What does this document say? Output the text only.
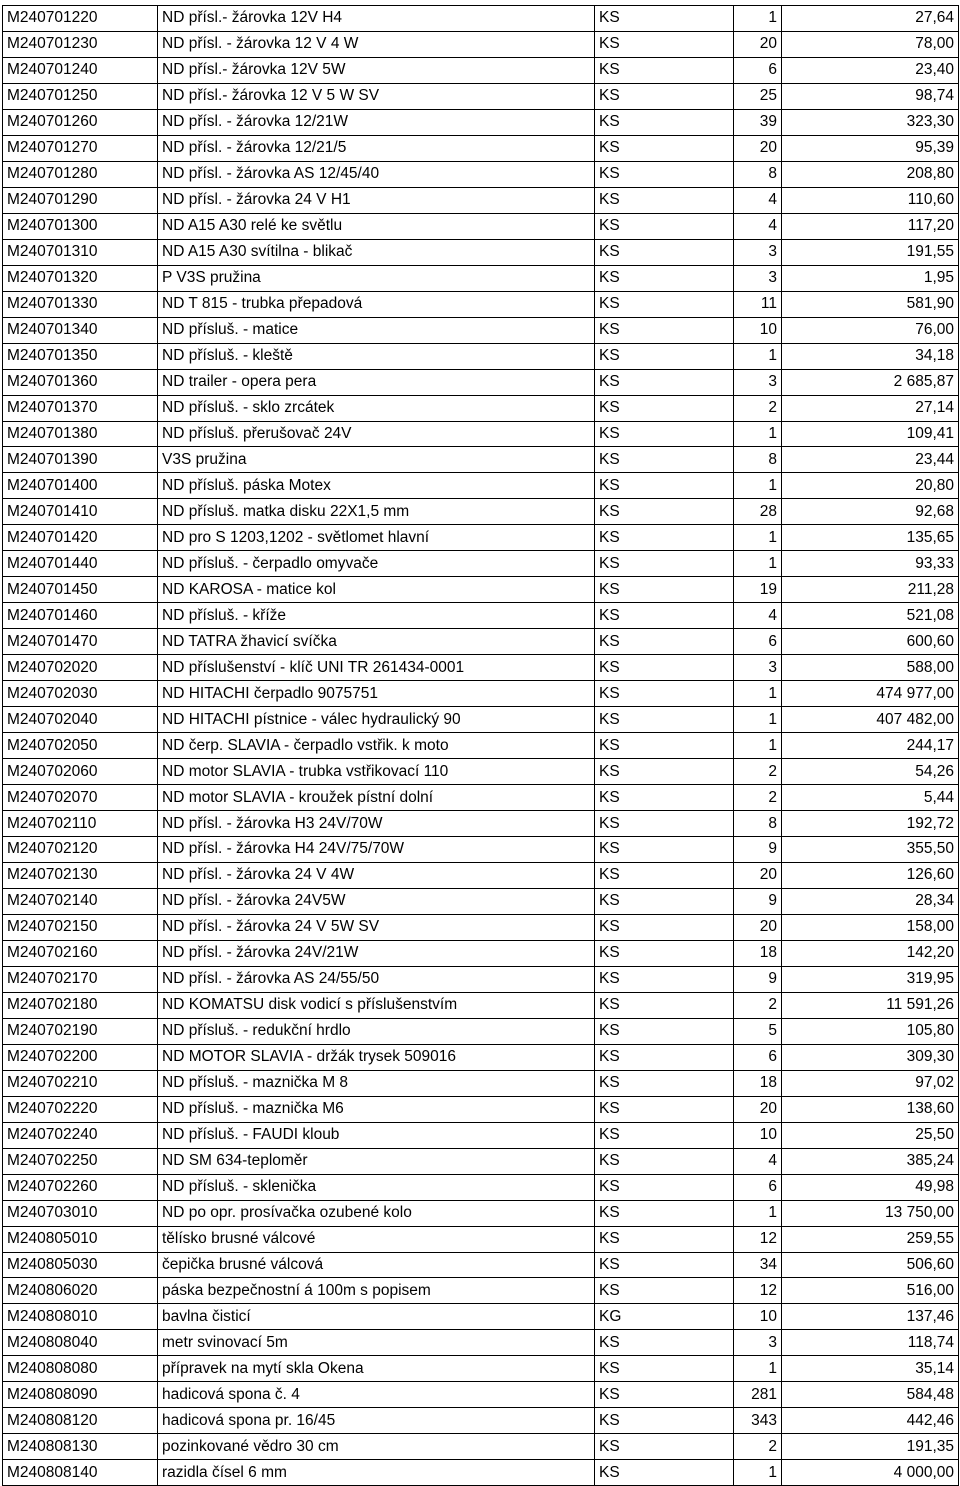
M240701220	ND přísl.- žárovka 12V H4	KS	1	27,64
M240701230	ND přísl. - žárovka 12 V 4 W	KS	20	78,00
M240701240	ND přísl.- žárovka 12V 5W	KS	6	23,40
M240701250	ND přísl.- žárovka 12 V 5 W SV	KS	25	98,74
M240701260	ND přísl. - žárovka 12/21W	KS	39	323,30
M240701270	ND přísl. - žárovka 12/21/5	KS	20	95,39
M240701280	ND přísl. - žárovka AS 12/45/40	KS	8	208,80
M240701290	ND přísl. - žárovka 24 V H1	KS	4	110,60
M240701300	ND A15 A30 relé ke světlu	KS	4	117,20
M240701310	ND A15 A30 svítilna - blikač	KS	3	191,55
M240701320	P V3S pružina	KS	3	1,95
M240701330	ND T 815 - trubka přepadová	KS	11	581,90
M240701340	ND přísluš. - matice	KS	10	76,00
M240701350	ND přísluš. - kleště	KS	1	34,18
M240701360	ND trailer - opera pera	KS	3	2 685,87
M240701370	ND přísluš. - sklo zrcátek	KS	2	27,14
M240701380	ND přísluš. přerušovač 24V	KS	1	109,41
M240701390	V3S pružina	KS	8	23,44
M240701400	ND přísluš. páska Motex	KS	1	20,80
M240701410	ND přísluš. matka disku 22X1,5 mm	KS	28	92,68
M240701420	ND pro S 1203,1202 - světlomet hlavní	KS	1	135,65
M240701440	ND přísluš. - čerpadlo omyvače	KS	1	93,33
M240701450	ND KAROSA - matice kol	KS	19	211,28
M240701460	ND přísluš. - kříže	KS	4	521,08
M240701470	ND TATRA žhavicí svíčka	KS	6	600,60
M240702020	ND příslušenství - klíč UNI TR 261434-0001	KS	3	588,00
M240702030	ND HITACHI čerpadlo 9075751	KS	1	474 977,00
M240702040	ND HITACHI pístnice - válec hydraulický 90	KS	1	407 482,00
M240702050	ND čerp. SLAVIA - čerpadlo vstřik. k moto	KS	1	244,17
M240702060	ND motor SLAVIA - trubka vstřikovací 110	KS	2	54,26
M240702070	ND motor SLAVIA - kroužek pístní dolní	KS	2	5,44
M240702110	ND přísl. - žárovka H3 24V/70W	KS	8	192,72
M240702120	ND přísl. - žárovka H4 24V/75/70W	KS	9	355,50
M240702130	ND přísl. - žárovka 24 V 4W	KS	20	126,60
M240702140	ND přísl. - žárovka 24V5W	KS	9	28,34
M240702150	ND přísl. - žárovka 24 V 5W SV	KS	20	158,00
M240702160	ND přísl. - žárovka 24V/21W	KS	18	142,20
M240702170	ND přísl. - žárovka AS 24/55/50	KS	9	319,95
M240702180	ND KOMATSU disk vodicí s příslušenstvím	KS	2	11 591,26
M240702190	ND přísluš. - redukční hrdlo	KS	5	105,80
M240702200	ND MOTOR SLAVIA - držák trysek 509016	KS	6	309,30
M240702210	ND přísluš. - maznička M 8	KS	18	97,02
M240702220	ND přísluš. - maznička M6	KS	20	138,60
M240702240	ND přísluš. - FAUDI kloub	KS	10	25,50
M240702250	ND SM 634-teploměr	KS	4	385,24
M240702260	ND přísluš. - sklenička	KS	6	49,98
M240703010	ND po opr. prosívačka ozubené kolo	KS	1	13 750,00
M240805010	tělísko brusné válcové	KS	12	259,55
M240805030	čepička brusné válcová	KS	34	506,60
M240806020	páska bezpečnostní á 100m s popisem	KS	12	516,00
M240808010	bavlna čisticí	KG	10	137,46
M240808040	metr svinovací 5m	KS	3	118,74
M240808080	přípravek na mytí skla Okena	KS	1	35,14
M240808090	hadicová spona č. 4	KS	281	584,48
M240808120	hadicová spona pr. 16/45	KS	343	442,46
M240808130	pozinkované vědro 30 cm	KS	2	191,35
M240808140	razidla čísel 6 mm	KS	1	4 000,00
